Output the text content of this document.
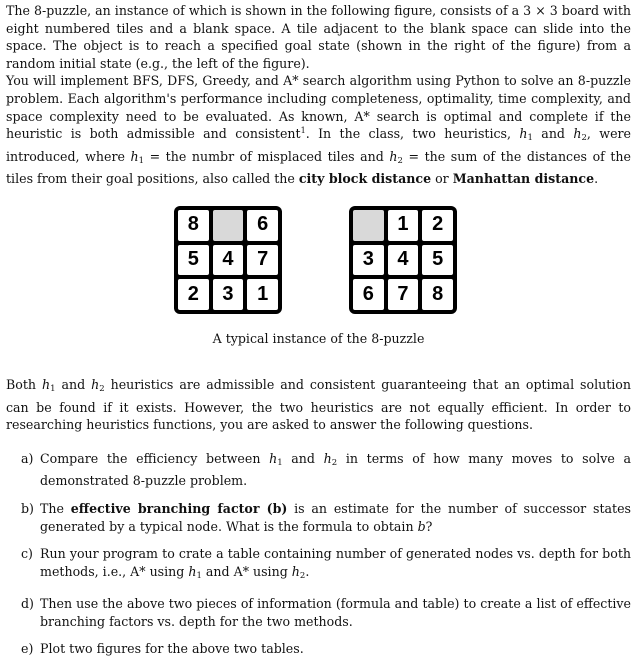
The 8-puzzle, an instance of which is shown in the following figure, consists of a 3 × 3 board with eight numbered tiles and a blank space. A tile adjacent to the blank space can slide into the space. The object is to reach a specified goal state (shown in the right of the figure) from a random initial state (e.g., the left of the figure).

You will implement BFS, DFS, Greedy, and A* search algorithm using Python to solve an 8-puzzle problem. Each algorithm's performance including completeness, optimality, time complexity, and space complexity need to be evaluated. As known, A* search is optimal and complete if the heuristic is both admissible and consistent$^1$. In the class, two heuristics, $h_1$ and $h_2$, were introduced, where $h_1$ = the numbr of misplaced tiles and $h_2$ = the sum of the distances of the tiles from their goal positions, also called the city block distance or Manhattan distance.

8	6
5	4	7
2	3	1
1	2
3	4	5
6	7	8
A typical instance of the 8-puzzle

Both $h_1$ and $h_2$ heuristics are admissible and consistent guaranteeing that an optimal solution can be found if it exists. However, the two heuristics are not equally efficient. In order to researching heuristics functions, you are asked to answer the following questions.

a) Compare the efficiency between $h_1$ and $h_2$ in terms of how many moves to solve a demonstrated 8-puzzle problem.
b) The effective branching factor (b) is an estimate for the number of successor states generated by a typical node. What is the formula to obtain b?
c) Run your program to crate a table containing number of generated nodes vs. depth for both methods, i.e., A* using $h_1$ and A* using $h_2$.
d) Then use the above two pieces of information (formula and table) to create a list of effective branching factors vs. depth for the two methods.
e) Plot two figures for the above two tables.
